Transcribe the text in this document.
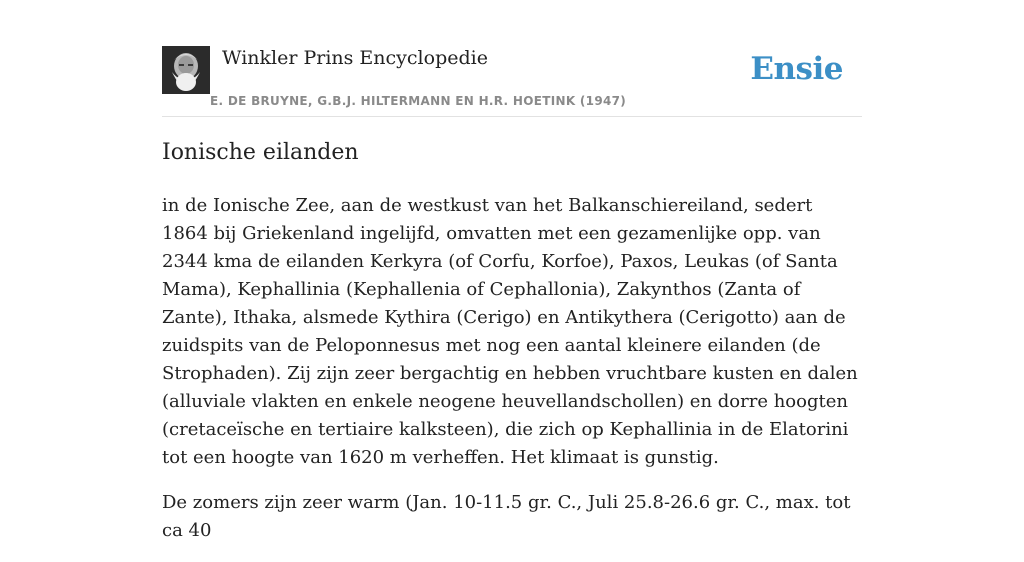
Winkler Prins Encyclopedie
E. DE BRUYNE, G.B.J. HILTERMANN EN H.R. HOETINK (1947)
Ensie
Ionische eilanden

in de Ionische Zee, aan de westkust van het Balkanschiereiland, sedert 1864 bij Griekenland ingelijfd, omvatten met een gezamenlijke opp. van 2344 kma de eilanden Kerkyra (of Corfu, Korfoe), Paxos, Leukas (of Santa Mama), Kephallinia (Kephallenia of Cephallonia), Zakynthos (Zanta of Zante), Ithaka, alsmede Kythira (Cerigo) en Antikythera (Cerigotto) aan de zuidspits van de Peloponnesus met nog een aantal kleinere eilanden (de Strophaden). Zij zijn zeer bergachtig en hebben vruchtbare kusten en dalen (alluviale vlakten en enkele neogene heuvellandschollen) en dorre hoogten (cretaceïsche en tertiaire kalksteen), die zich op Kephallinia in de Elatorini tot een hoogte van 1620 m verheffen. Het klimaat is gunstig.

De zomers zijn zeer warm (Jan. 10-11.5 gr. C., Juli 25.8-26.6 gr. C., max. tot ca 40
